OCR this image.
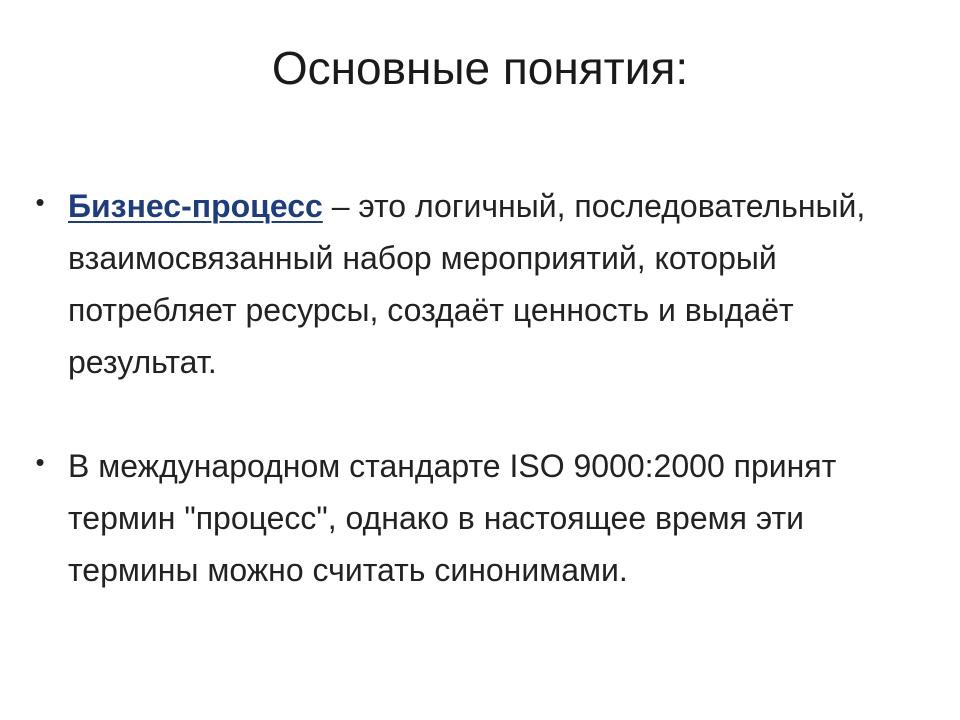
Основные понятия:
• Бизнес-процесс – это логичный, последовательный, взаимосвязанный набор мероприятий, который потребляет ресурсы, создаёт ценность и выдаёт результат.
• В международном стандарте ISO 9000:2000 принят термин "процесс", однако в настоящее время эти термины можно считать синонимами.
